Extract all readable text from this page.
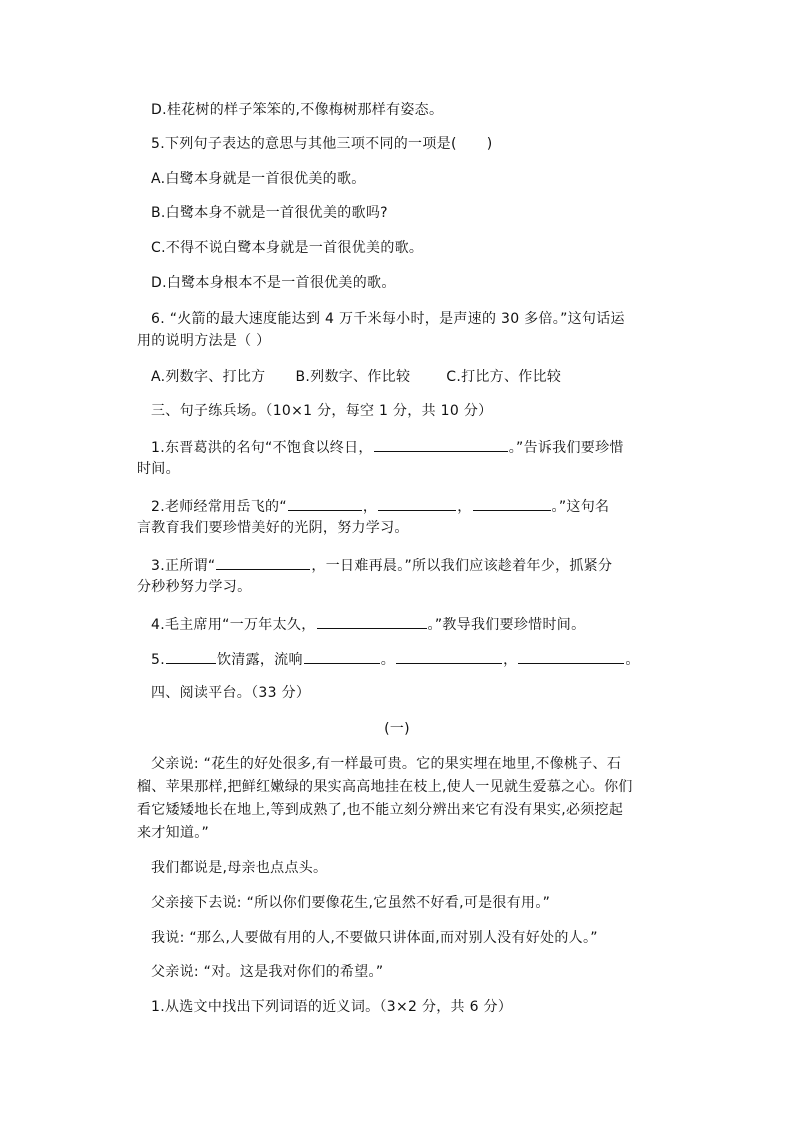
D.桂花树的样子笨笨的,不像梅树那样有姿态。
5.下列句子表达的意思与其他三项不同的一项是( )
A.白鹭本身就是一首很优美的歌。
B.白鹭本身不就是一首很优美的歌吗?
C.不得不说白鹭本身就是一首很优美的歌。
D.白鹭本身根本不是一首很优美的歌。
6. “火箭的最大速度能达到 4 万千米每小时，是声速的 30 多倍。”这句话运
用的说明方法是（ ）
A.列数字、打比方 B.列数字、作比较	C.打比方、作比较
三、句子练兵场。（10×1 分，每空 1 分，共 10 分）
1.东晋葛洪的名句“不饱食以终日，	。”告诉我们要珍惜
时间。
2.老师经常用岳飞的“	，	，	。”这句名
言教育我们要珍惜美好的光阴，努力学习。
3.正所谓“	，一日难再晨。”所以我们应该趁着年少，抓紧分
分秒秒努力学习。
4.毛主席用“一万年太久，	。”教导我们要珍惜时间。
5.	饮清露，流响	。	，	。
四、阅读平台。（33 分）
(一)
父亲说: “花生的好处很多,有一样最可贵。它的果实埋在地里,不像桃子、石
榴、苹果那样,把鲜红嫩绿的果实高高地挂在枝上,使人一见就生爱慕之心。你们
看它矮矮地长在地上,等到成熟了,也不能立刻分辨出来它有没有果实,必须挖起
来才知道。”
我们都说是,母亲也点点头。
父亲接下去说: “所以你们要像花生,它虽然不好看,可是很有用。”
我说: “那么,人要做有用的人,不要做只讲体面,而对别人没有好处的人。”
父亲说: “对。这是我对你们的希望。”
1.从选文中找出下列词语的近义词。（3×2 分，共 6 分）
